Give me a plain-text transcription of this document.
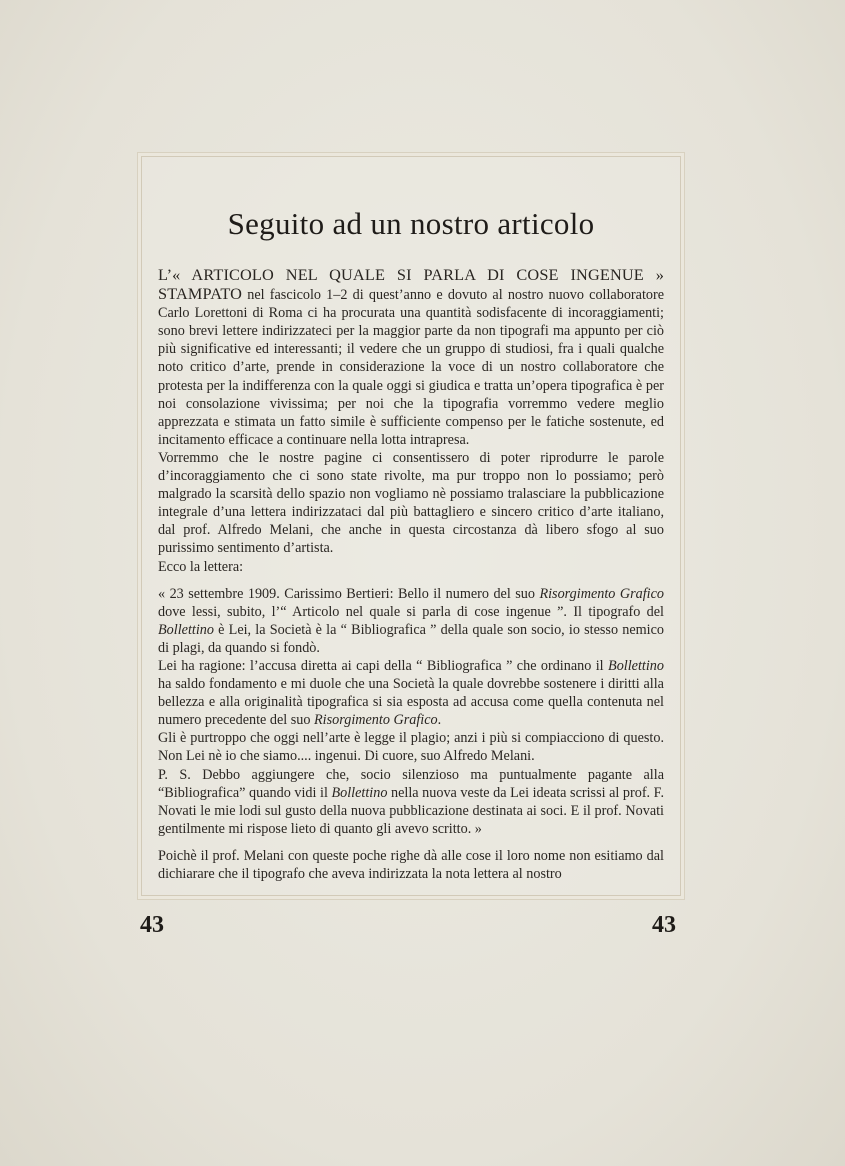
Seguito ad un nostro articolo

L’« ARTICOLO NEL QUALE SI PARLA DI COSE INGENUE » STAMPATO nel fascicolo 1–2 di quest’anno e dovuto al nostro nuovo collaboratore Carlo Lorettoni di Roma ci ha procurata una quantità sodisfacente di incoraggiamenti; sono brevi lettere indirizzateci per la maggior parte da non tipografi ma appunto per ciò più significative ed interessanti; il vedere che un gruppo di studiosi, fra i quali qualche noto critico d’arte, prende in considerazione la voce di un nostro collaboratore che protesta per la indifferenza con la quale oggi si giudica e tratta un’opera tipografica è per noi consolazione vivissima; per noi che la tipografia vorremmo vedere meglio apprezzata e stimata un fatto simile è sufficiente compenso per le fatiche sostenute, ed incitamento efficace a continuare nella lotta intrapresa.

Vorremmo che le nostre pagine ci consentissero di poter riprodurre le parole d’incoraggiamento che ci sono state rivolte, ma pur troppo non lo possiamo; però malgrado la scarsità dello spazio non vogliamo nè possiamo tralasciare la pubblicazione integrale d’una lettera indirizzataci dal più battagliero e sincero critico d’arte italiano, dal prof. Alfredo Melani, che anche in questa circostanza dà libero sfogo al suo purissimo sentimento d’artista.

Ecco la lettera:

« 23 settembre 1909. Carissimo Bertieri: Bello il numero del suo Risorgimento Grafico dove lessi, subito, l’“ Articolo nel quale si parla di cose ingenue ”. Il tipografo del Bollettino è Lei, la Società è la “ Bibliografica ” della quale son socio, io stesso nemico di plagi, da quando si fondò.

Lei ha ragione: l’accusa diretta ai capi della “ Bibliografica ” che ordinano il Bollettino ha saldo fondamento e mi duole che una Società la quale dovrebbe sostenere i diritti alla bellezza e alla originalità tipografica si sia esposta ad accusa come quella contenuta nel numero precedente del suo Risorgimento Grafico.

Gli è purtroppo che oggi nell’arte è legge il plagio; anzi i più si compiacciono di questo. Non Lei nè io che siamo.... ingenui. Di cuore, suo Alfredo Melani.

P. S. Debbo aggiungere che, socio silenzioso ma puntualmente pagante alla “Bibliografica” quando vidi il Bollettino nella nuova veste da Lei ideata scrissi al prof. F. Novati le mie lodi sul gusto della nuova pubblicazione destinata ai soci. E il prof. Novati gentilmente mi rispose lieto di quanto gli avevo scritto. »

Poichè il prof. Melani con queste poche righe dà alle cose il loro nome non esitiamo dal dichiarare che il tipografo che aveva indirizzata la nota lettera al nostro

43	43
